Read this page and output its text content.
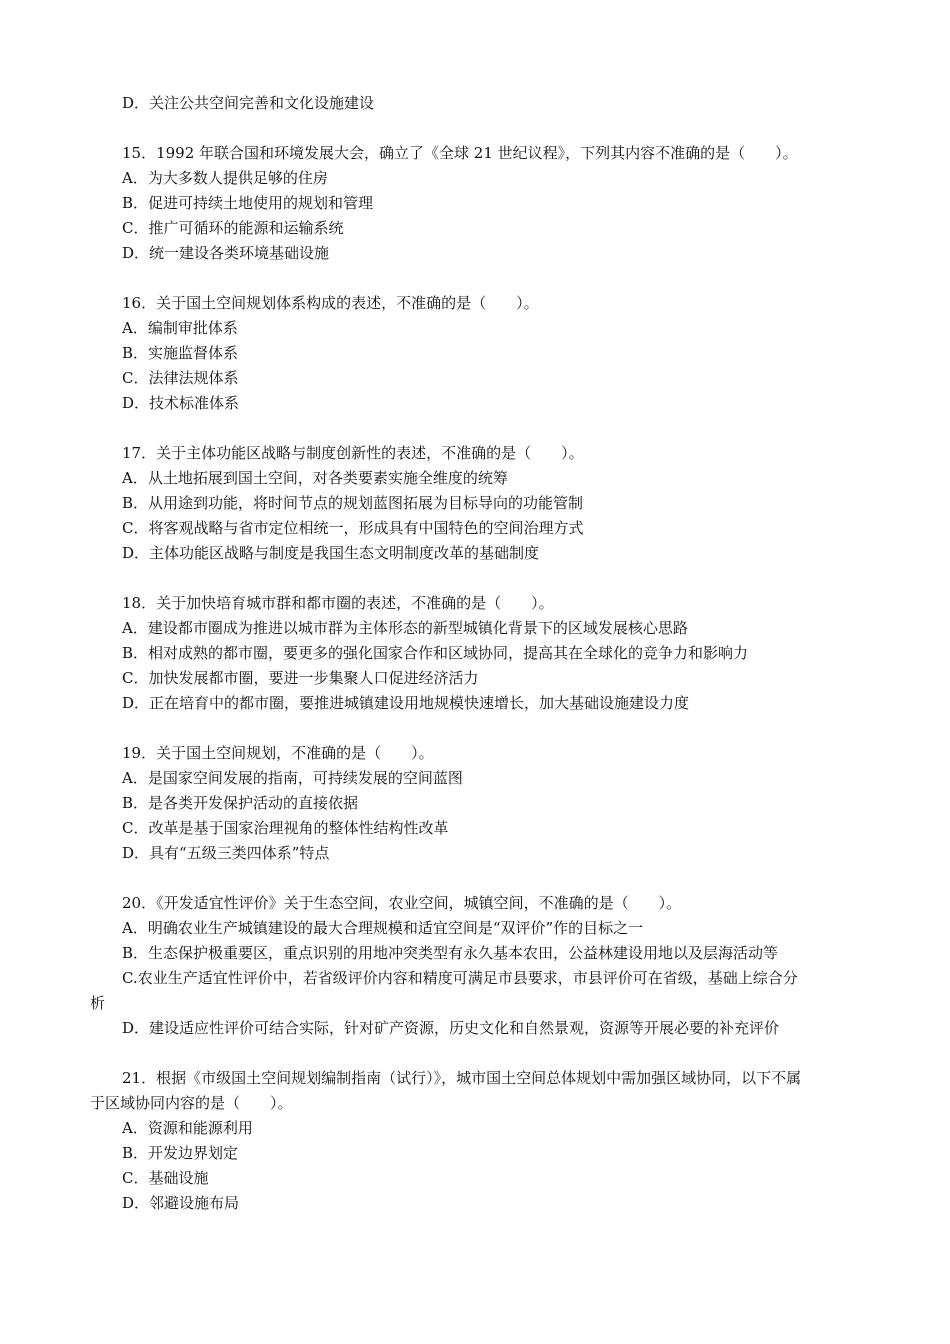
D．关注公共空间完善和文化设施建设
15．1992 年联合国和环境发展大会，确立了《全球 21 世纪议程》，下列其内容不准确的是（　　）。
A．为大多数人提供足够的住房
B．促进可持续土地使用的规划和管理
C．推广可循环的能源和运输系统
D．统一建设各类环境基础设施
16．关于国土空间规划体系构成的表述，不准确的是（　　）。
A．编制审批体系
B．实施监督体系
C．法律法规体系
D．技术标准体系
17．关于主体功能区战略与制度创新性的表述，不准确的是（　　）。
A．从土地拓展到国土空间，对各类要素实施全维度的统筹
B．从用途到功能，将时间节点的规划蓝图拓展为目标导向的功能管制
C．将客观战略与省市定位相统一，形成具有中国特色的空间治理方式
D．主体功能区战略与制度是我国生态文明制度改革的基础制度
18．关于加快培育城市群和都市圈的表述，不准确的是（　　）。
A．建设都市圈成为推进以城市群为主体形态的新型城镇化背景下的区域发展核心思路
B．相对成熟的都市圈，要更多的强化国家合作和区域协同，提高其在全球化的竞争力和影响力
C．加快发展都市圈，要进一步集聚人口促进经济活力
D．正在培育中的都市圈，要推进城镇建设用地规模快速增长，加大基础设施建设力度
19．关于国土空间规划，不准确的是（　　）。
A．是国家空间发展的指南，可持续发展的空间蓝图
B．是各类开发保护活动的直接依据
C．改革是基于国家治理视角的整体性结构性改革
D．具有“五级三类四体系”特点
20．《开发适宜性评价》关于生态空间，农业空间，城镇空间，不准确的是（　　）。
A．明确农业生产城镇建设的最大合理规模和适宜空间是“双评价”作的目标之一
B．生态保护极重要区，重点识别的用地冲突类型有永久基本农田，公益林建设用地以及层海活动等
C.农业生产适宜性评价中，若省级评价内容和精度可满足市县要求，市县评价可在省级，基础上综合分
析
D．建设适应性评价可结合实际，针对矿产资源，历史文化和自然景观，资源等开展必要的补充评价
21．根据《市级国土空间规划编制指南（试行）》，城市国土空间总体规划中需加强区域协同，以下不属
于区域协同内容的是（　　）。
A．资源和能源利用
B．开发边界划定
C．基础设施
D．邻避设施布局
